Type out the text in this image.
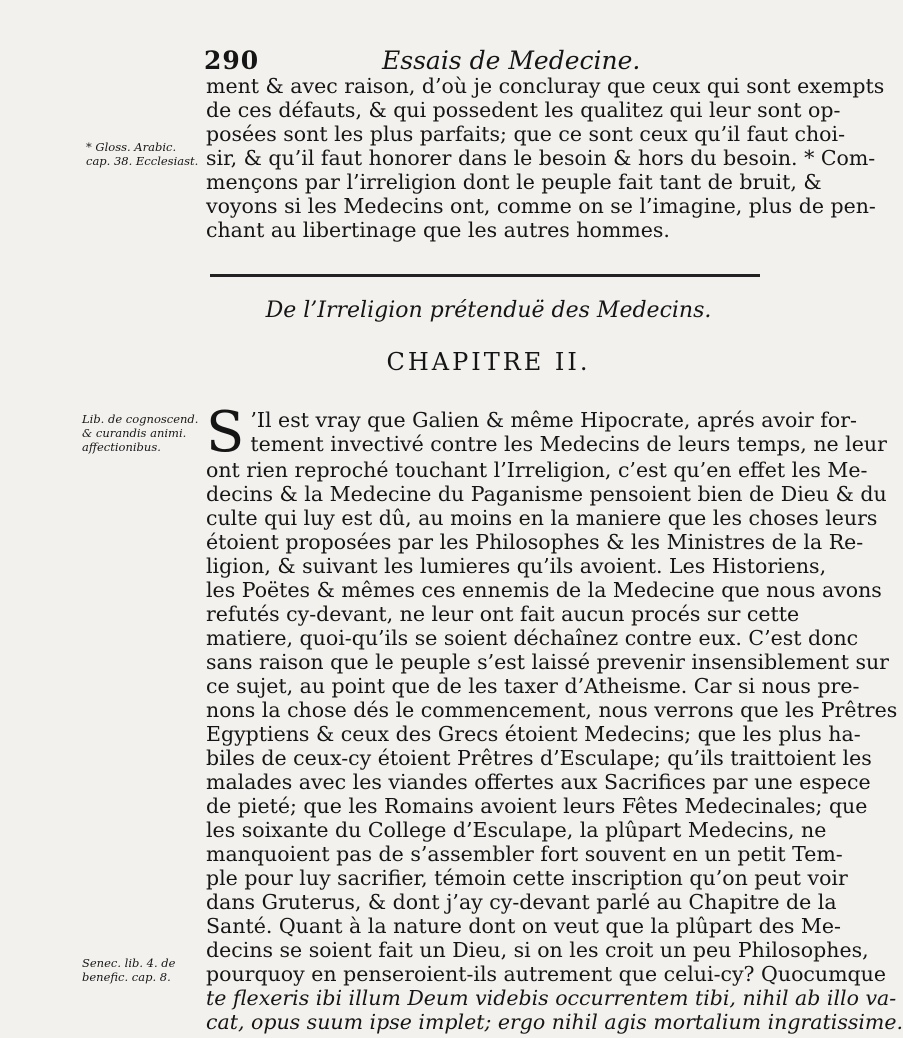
290	Essais de Medecine.
ment & avec raison, d’où je concluray que ceux qui sont exempts
de ces défauts, & qui possedent les qualitez qui leur sont op-
posées sont les plus parfaits; que ce sont ceux qu’il faut choi-
sir, & qu’il faut honorer dans le besoin & hors du besoin. * Com-
mençons par l’irreligion dont le peuple fait tant de bruit, &
voyons si les Medecins ont, comme on se l’imagine, plus de pen-
chant au libertinage que les autres hommes.
De l’Irreligion prétenduë des Medecins.
CHAPITRE II.
S ’Il est vray que Galien & même Hipocrate, aprés avoir for-
tement invectivé contre les Medecins de leurs temps, ne leur
ont rien reproché touchant l’Irreligion, c’est qu’en effet les Me-
decins & la Medecine du Paganisme pensoient bien de Dieu & du
culte qui luy est dû, au moins en la maniere que les choses leurs
étoient proposées par les Philosophes & les Ministres de la Re-
ligion, & suivant les lumieres qu’ils avoient. Les Historiens,
les Poëtes & mêmes ces ennemis de la Medecine que nous avons
refutés cy-devant, ne leur ont fait aucun procés sur cette
matiere, quoi-qu’ils se soient déchaînez contre eux. C’est donc
sans raison que le peuple s’est laissé prevenir insensiblement sur
ce sujet, au point que de les taxer d’Atheisme. Car si nous pre-
nons la chose dés le commencement, nous verrons que les Prêtres
Egyptiens & ceux des Grecs étoient Medecins; que les plus ha-
biles de ceux-cy étoient Prêtres d’Esculape; qu’ils traittoient les
malades avec les viandes offertes aux Sacrifices par une espece
de pieté; que les Romains avoient leurs Fêtes Medecinales; que
les soixante du College d’Esculape, la plûpart Medecins, ne
manquoient pas de s’assembler fort souvent en un petit Tem-
ple pour luy sacrifier, témoin cette inscription qu’on peut voir
dans Gruterus, & dont j’ay cy-devant parlé au Chapitre de la
Santé. Quant à la nature dont on veut que la plûpart des Me-
decins se soient fait un Dieu, si on les croit un peu Philosophes,
pourquoy en penseroient-ils autrement que celui-cy? Quocumque
te flexeris ibi illum Deum videbis occurrentem tibi, nihil ab illo va-
cat, opus suum ipse implet; ergo nihil agis mortalium ingratissime.
* Gloss. Arabic.
cap. 38. Ecclesiast.
Lib. de cognoscend.
& curandis animi.
affectionibus.
Senec. lib. 4. de
benefic. cap. 8.
